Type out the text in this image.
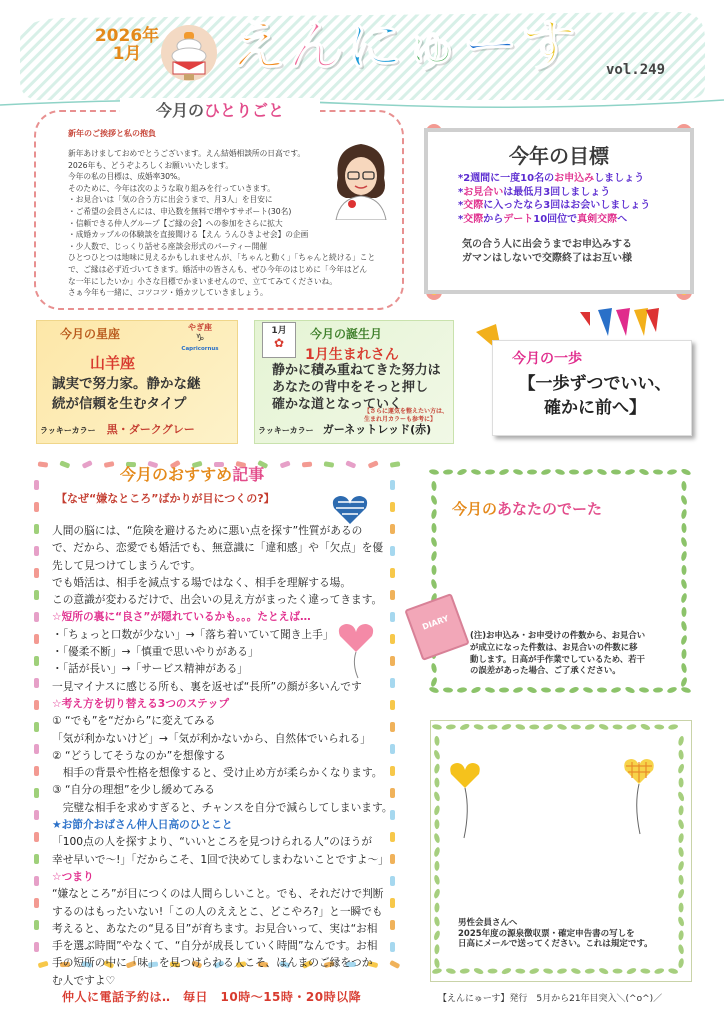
2026年
1月	えんにゅーす vol.249
今月のひとりごと
新年のご挨拶と私の抱負

新年あけましておめでとうございます。えん結婚相談所の日高です。

2026年も、どうぞよろしくお願いいたします。

今年の私の目標は、成婚率30%。

そのために、今年は次のような取り組みを行っていきます。

・お見合いは「気の合う方に出会うまで、月3人」を目安に

・ご希望の会員さんには、申込数を無料で増やすサポート(30名)

・信頼できる仲人グループ【ご縁の会】への参加をさらに拡大

・成婚カップルの体験談を直接聞ける【えん うんひきよせ会】の企画

・少人数で、じっくり話せる座談会形式のパーティー開催

ひとつひとつは地味に見えるかもしれませんが、「ちゃんと動く」「ちゃんと続ける」こと

で、ご縁は必ず近づいてきます。婚活中の皆さんも、ぜひ今年のはじめに「今年はどん

な一年にしたいか」小さな目標でかまいませんので、立ててみてくださいね。

さぁ今年も一緒に、コツコツ・婚カツしていきましょう。

今年の目標
*2週間に一度10名のお申込みしましょう
*お見合いは最低月3回しましょう
*交際に入ったなら3回はお会いしましょう
*交際からデート10回位で真剣交際へ
気の合う人に出会うまでお申込みする
ガマンはしないで交際終了はお互い様
今月の星座	やぎ座
♑
Capricornus
山羊座
誠実で努力家。静かな継
続が信頼を生むタイプ
ラッキーカラー 黒・ダークグレー
1月
✿
今月の誕生月
1月生まれさん
静かに積み重ねてきた努力は
あなたの背中をそっと押し
確かな道となっていく
【さらに運気を整えたい方は、
生まれ月カラーも参考に】
ラッキーカラー ガーネットレッド(赤)
今月の一歩
【一歩ずつでいい、
確かに前へ】
今月のおすすめ記事
【なぜ“嫌なところ”ばかりが目につくの?】

人間の脳には、“危険を避けるために悪い点を探す”性質があるの

で、だから、恋愛でも婚活でも、無意識に「違和感」や「欠点」を優

先して見つけてしまうんです。

でも婚活は、相手を減点する場ではなく、相手を理解する場。

この意識が変わるだけで、出会いの見え方がまったく違ってきます。

☆短所の裏に“良さ”が隠れているかも。。。たとえば…

・「ちょっと口数が少ない」→「落ち着いていて聞き上手」

・「優柔不断」→「慎重で思いやりがある」

・「話が長い」→「サービス精神がある」

一見マイナスに感じる所も、裏を返せば“長所”の顔が多いんです

☆考え方を切り替える3つのステップ

① “でも”を“だから”に変えてみる

「気が利かないけど」→「気が利かないから、自然体でいられる」

② “どうしてそうなのか”を想像する

　相手の背景や性格を想像すると、受け止め方が柔らかくなります。

③ “自分の理想”を少し緩めてみる

　完璧な相手を求めすぎると、チャンスを自分で減らしてしまいます。

★お節介おばさん仲人日高のひとこと

「100点の人を探すより、“いいところを見つけられる人”のほうが

幸せ早いで〜!」「だからこそ、1回で決めてしまわないことですよ〜」

☆つまり

“嫌なところ”が目につくのは人間らしいこと。でも、それだけで判断

するのはもったいない!「この人のええとこ、どこやろ?」と一瞬でも

考えると、あなたの“見る目”が育ちます。お見合いって、実は“お相

手を選ぶ時間”やなくて、“自分が成長していく時間”なんです。お相

手の短所の中に「味」を見つけられる人こそ、ほんまのご縁をつか

む人ですよ♡

今月のあなたのでーた
DIARY
(注)お申込み・お申受けの件数から、お見合い
が成立になった件数は、お見合いの件数に移
動します。日高が手作業でしているため、若干
の誤差があった場合、ご了承ください。
男性会員さんへ
2025年度の源泉徴収票・確定申告書の写しを
日高にメールで送ってください。これは規定です。
仲人に電話予約は‥　毎日　10時～15時・20時以降	【えんにゅーす】発行　5月から21年目突入＼(^o^)／
